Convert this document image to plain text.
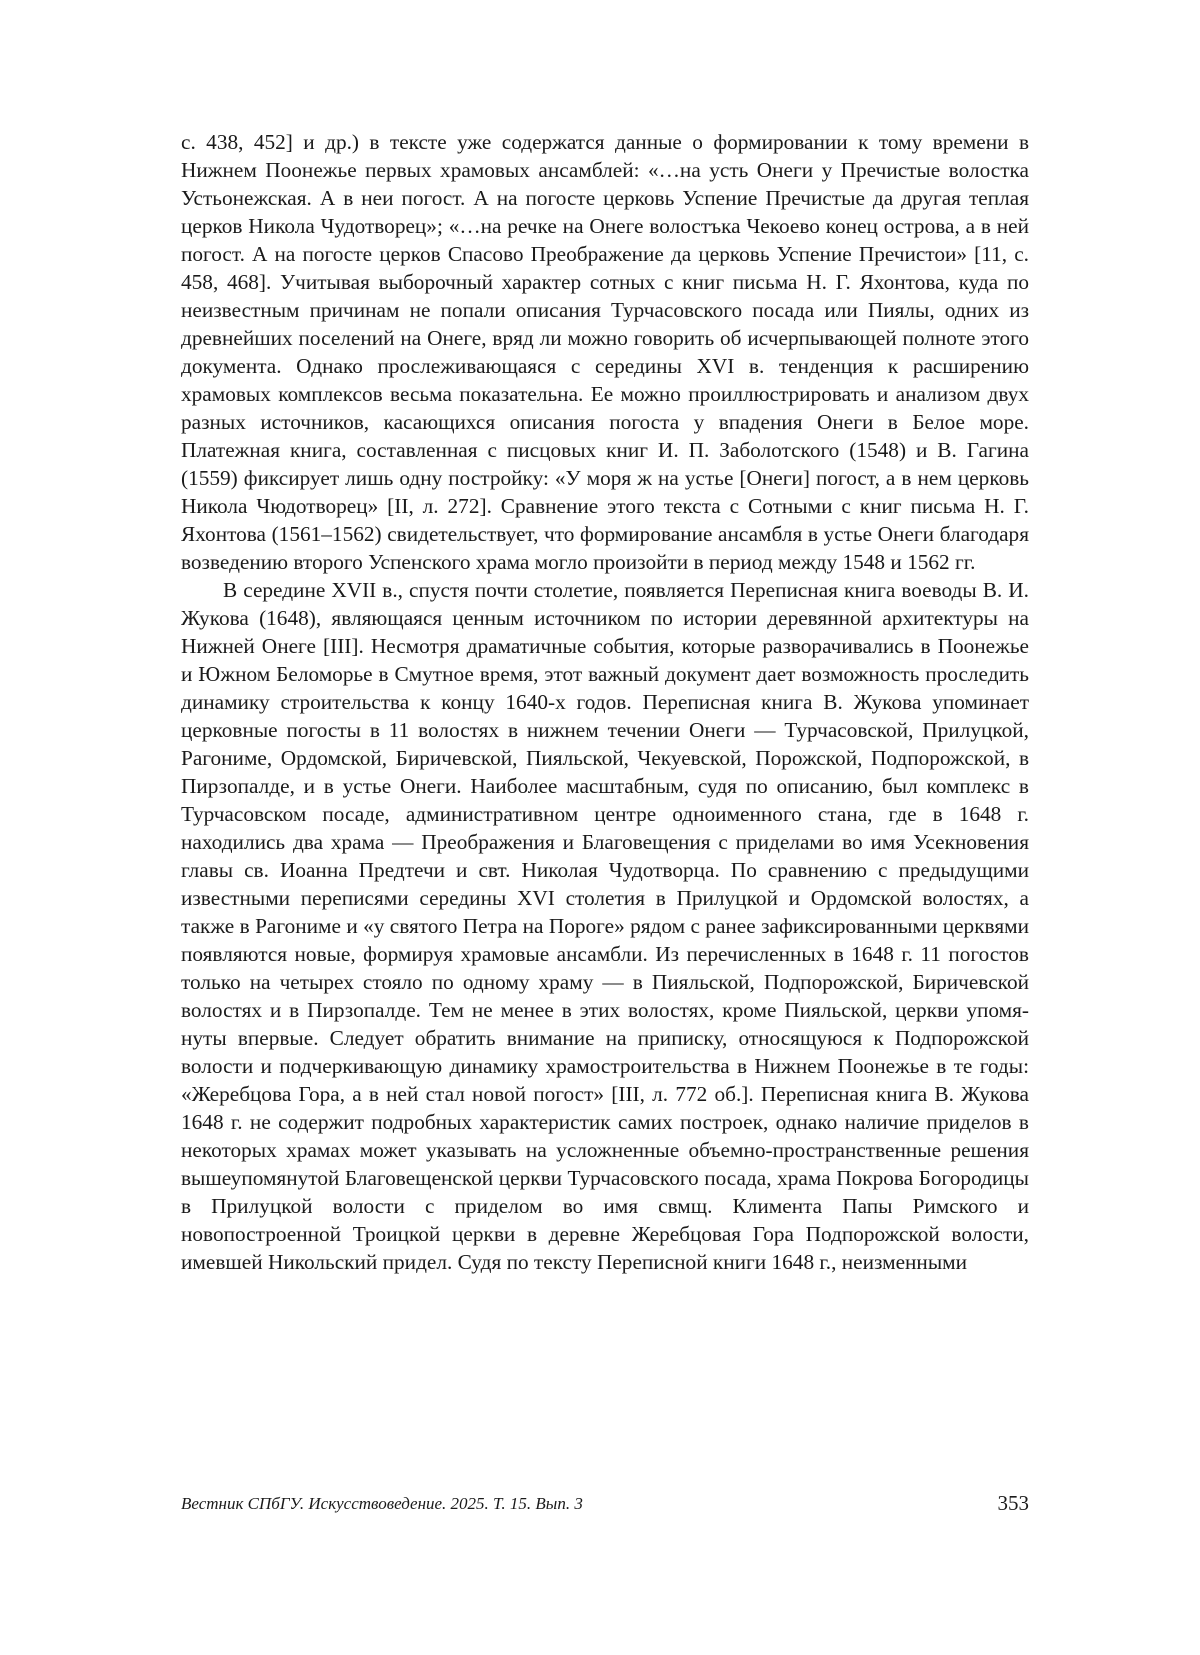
с. 438, 452] и др.) в тексте уже содержатся данные о формировании к тому времени в Нижнем Поонежье первых храмовых ансамблей: «…на усть Онеги у Пречистые волостка Устьонежская. А в неи погост. А на погосте церковь Успение Пречистые да другая теплая церков Никола Чудотворец»; «…на речке на Онеге волостъка Чекоево конец острова, а в ней погост. А на погосте церков Спасово Преображение да церковь Успение Пречистои» [11, с. 458, 468]. Учитывая выборочный характер сотных с книг письма Н. Г. Яхонтова, куда по неизвестным причинам не попали описания Турчасовского посада или Пиялы, одних из древнейших поселений на Онеге, вряд ли можно говорить об исчерпывающей полноте этого документа. Однако прослеживающаяся с середины XVI в. тенденция к расширению храмовых комплексов весьма показательна. Ее можно проиллюстрировать и анализом двух разных источников, касающихся описания погоста у впадения Онеги в Белое море. Платежная книга, составленная с писцовых книг И. П. Заболотского (1548) и В. Гагина (1559) фиксирует лишь одну постройку: «У моря ж на устье [Онеги] погост, а в нем церковь Никола Чюдотворец» [II, л. 272]. Сравнение этого текста с Сотными с книг письма Н. Г. Яхонтова (1561–1562) свидетельствует, что формирование ансамбля в устье Онеги благодаря возведению второго Успенского храма могло произойти в период между 1548 и 1562 гг.

В середине XVII в., спустя почти столетие, появляется Переписная книга воеводы В. И. Жукова (1648), являющаяся ценным источником по истории деревянной архитектуры на Нижней Онеге [III]. Несмотря драматичные события, которые разворачивались в Поонежье и Южном Беломорье в Смутное время, этот важный документ дает возможность проследить динамику строительства к концу 1640-х годов. Переписная книга В. Жукова упоминает церковные погосты в 11 волостях в нижнем течении Онеги — Турчасовской, Прилуцкой, Рагониме, Ордомской, Биричевской, Пияльской, Чекуевской, Порожской, Подпорожской, в Пирзопалде, и в устье Онеги. Наиболее масштабным, судя по описанию, был комплекс в Турчасовском посаде, административном центре одноименного стана, где в 1648 г. находились два храма — Преображения и Благовещения с приделами во имя Усекновения главы св. Иоанна Предтечи и свт. Николая Чудотворца. По сравнению с предыдущими известными переписями середины XVI столетия в Прилуцкой и Ордомской волостях, а также в Рагониме и «у святого Петра на Пороге» рядом с ранее зафиксированными церквями появляются новые, формируя храмовые ансамбли. Из перечисленных в 1648 г. 11 погостов только на четырех стояло по одному храму — в Пияльской, Подпорожской, Биричевской волостях и в Пирзопалде. Тем не менее в этих волостях, кроме Пияльской, церкви упомянуты впервые. Следует обратить внимание на приписку, относящуюся к Подпорожской волости и подчеркивающую динамику храмостроительства в Нижнем Поонежье в те годы: «Жеребцова Гора, а в ней стал новой погост» [III, л. 772 об.]. Переписная книга В. Жукова 1648 г. не содержит подробных характеристик самих построек, однако наличие приделов в некоторых храмах может указывать на усложненные объемно-пространственные решения вышеупомянутой Благовещенской церкви Турчасовского посада, храма Покрова Богородицы в Прилуцкой волости с приделом во имя свмщ. Климента Папы Римского и новопостроенной Троицкой церкви в деревне Жеребцовая Гора Подпорожской волости, имевшей Никольский придел. Судя по тексту Переписной книги 1648 г., неизменными

Вестник СПбГУ. Искусствоведение. 2025. Т. 15. Вып. 3	353
